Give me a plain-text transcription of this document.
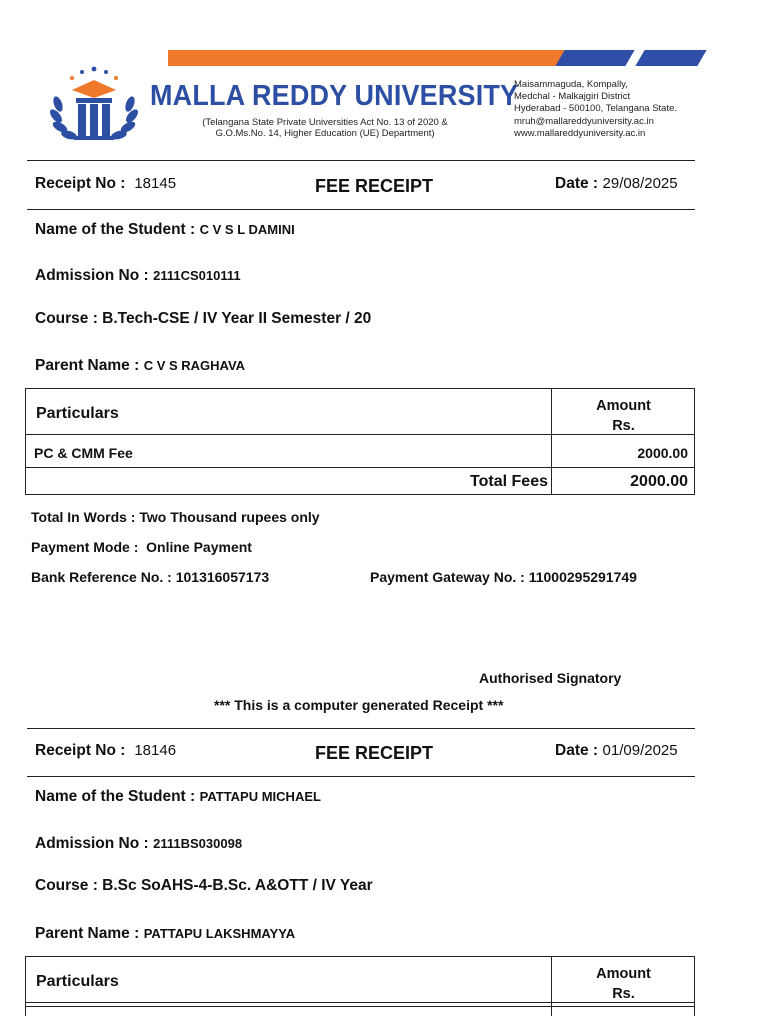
MALLA REDDY UNIVERSITY
(Telangana State Private Universities Act No. 13 of 2020 &
G.O.Ms.No. 14, Higher Education (UE) Department)
Maisammaguda, Kompally,
Medchal - Malkajgiri District
Hyderabad - 500100, Telangana State.
mruh@mallareddyuniversity.ac.in
www.mallareddyuniversity.ac.in
Receipt No : 18145	FEE RECEIPT	Date : 29/08/2025
Name of the Student : C V S L DAMINI
Admission No : 2111CS010111
Course : B.Tech-CSE / IV Year II Semester / 20
Parent Name : C V S RAGHAVA
Particulars	Amount
Rs.
PC & CMM Fee	2000.00
Total Fees	2000.00
Total In Words : Two Thousand rupees only
Payment Mode :  Online Payment
Bank Reference No. : 101316057173	Payment Gateway No. : 11000295291749
Authorised Signatory
*** This is a computer generated Receipt ***
Receipt No : 18146	FEE RECEIPT	Date : 01/09/2025
Name of the Student : PATTAPU MICHAEL
Admission No : 2111BS030098
Course : B.Sc SoAHS-4-B.Sc. A&OTT / IV Year
Parent Name : PATTAPU LAKSHMAYYA
Particulars	Amount
Rs.
